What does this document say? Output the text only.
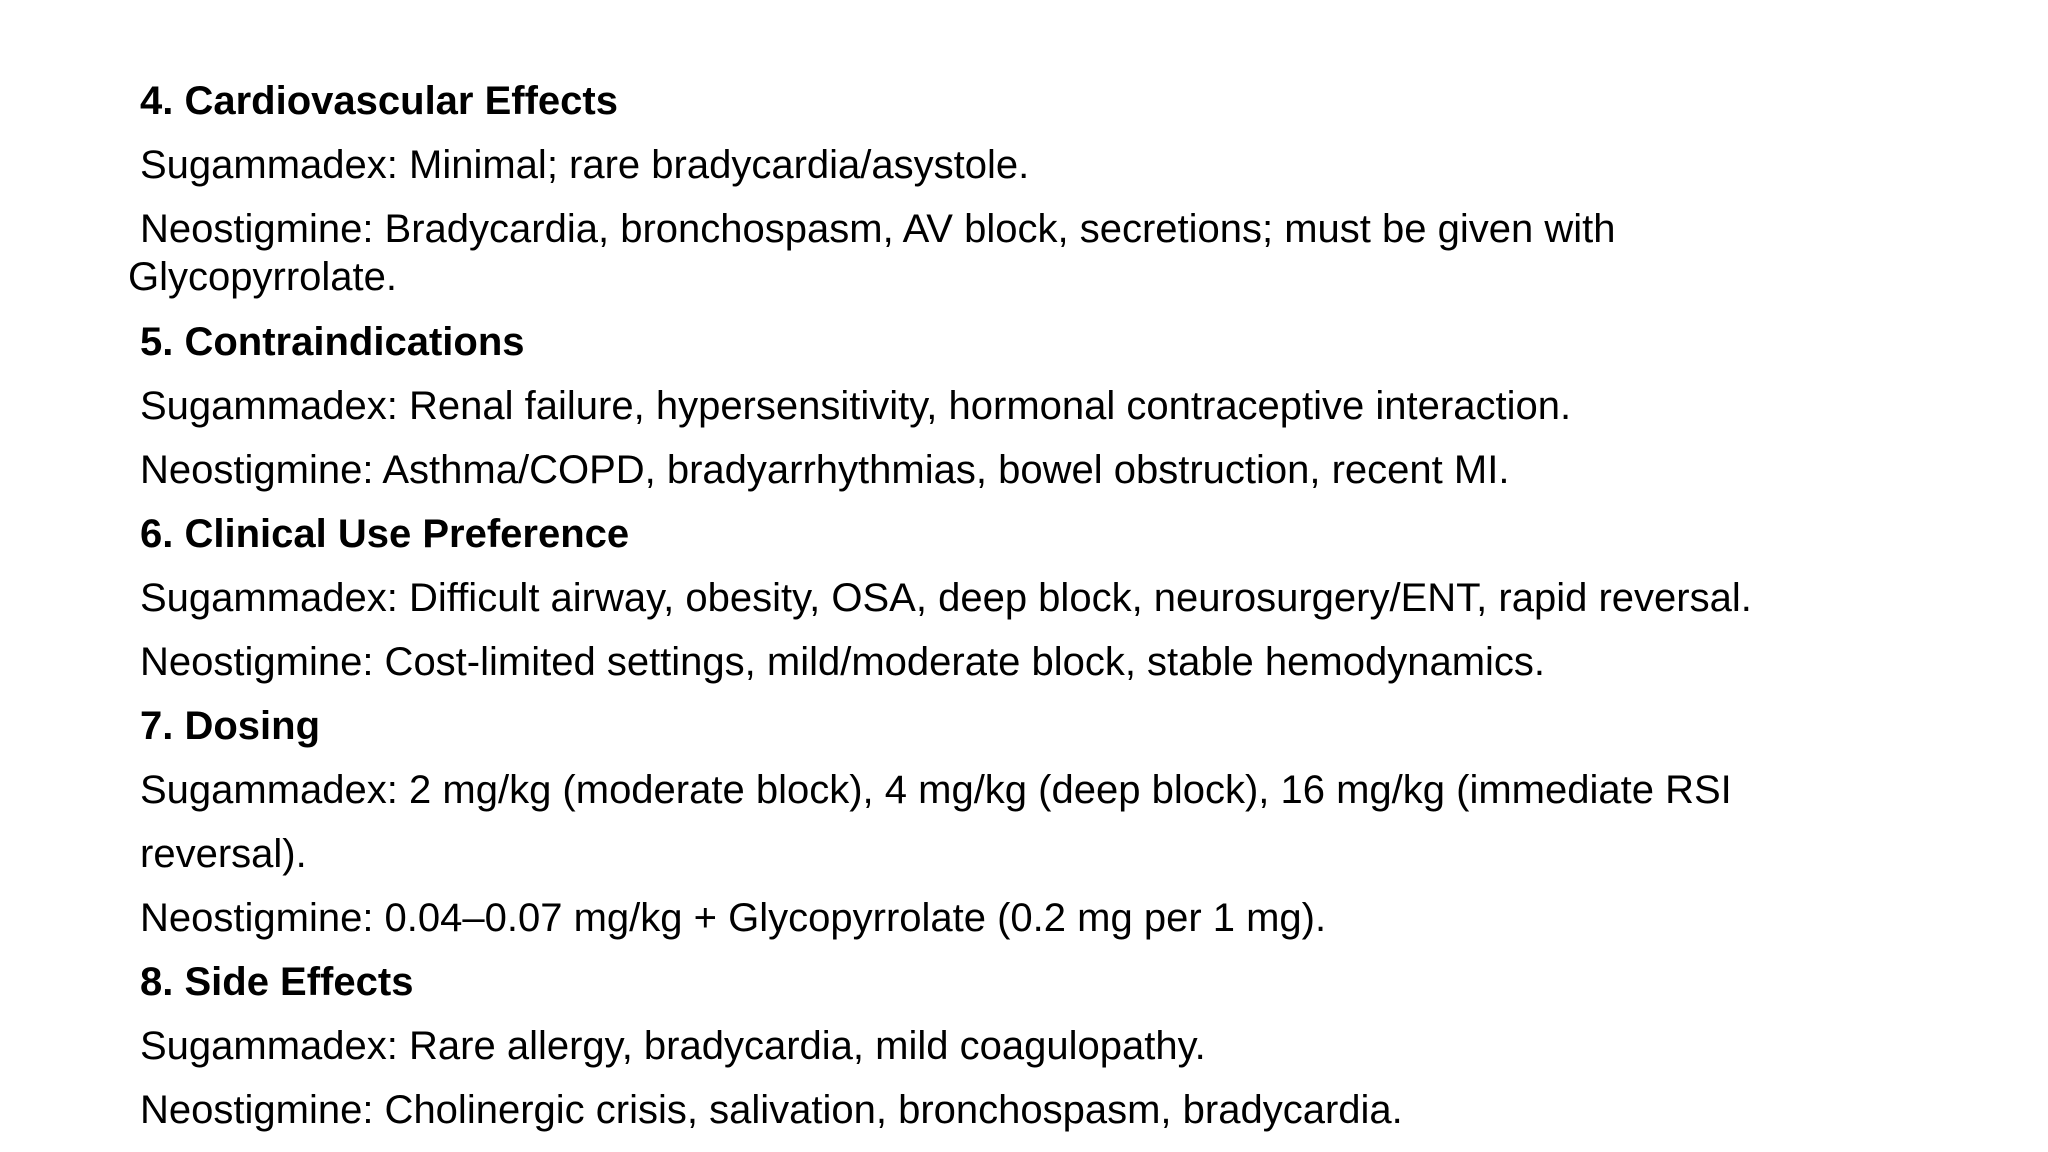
4. Cardiovascular Effects

Sugammadex: Minimal; rare bradycardia/asystole.

Neostigmine: Bradycardia, bronchospasm, AV block, secretions; must be given with Glycopyrrolate.

5. Contraindications

Sugammadex: Renal failure, hypersensitivity, hormonal contraceptive interaction.

Neostigmine: Asthma/COPD, bradyarrhythmias, bowel obstruction, recent MI.

6. Clinical Use Preference

Sugammadex: Difficult airway, obesity, OSA, deep block, neurosurgery/ENT, rapid reversal.

Neostigmine: Cost-limited settings, mild/moderate block, stable hemodynamics.

7. Dosing

Sugammadex: 2 mg/kg (moderate block), 4 mg/kg (deep block), 16 mg/kg (immediate RSI

reversal).

Neostigmine: 0.04–0.07 mg/kg + Glycopyrrolate (0.2 mg per 1 mg).

8. Side Effects

Sugammadex: Rare allergy, bradycardia, mild coagulopathy.

Neostigmine: Cholinergic crisis, salivation, bronchospasm, bradycardia.
